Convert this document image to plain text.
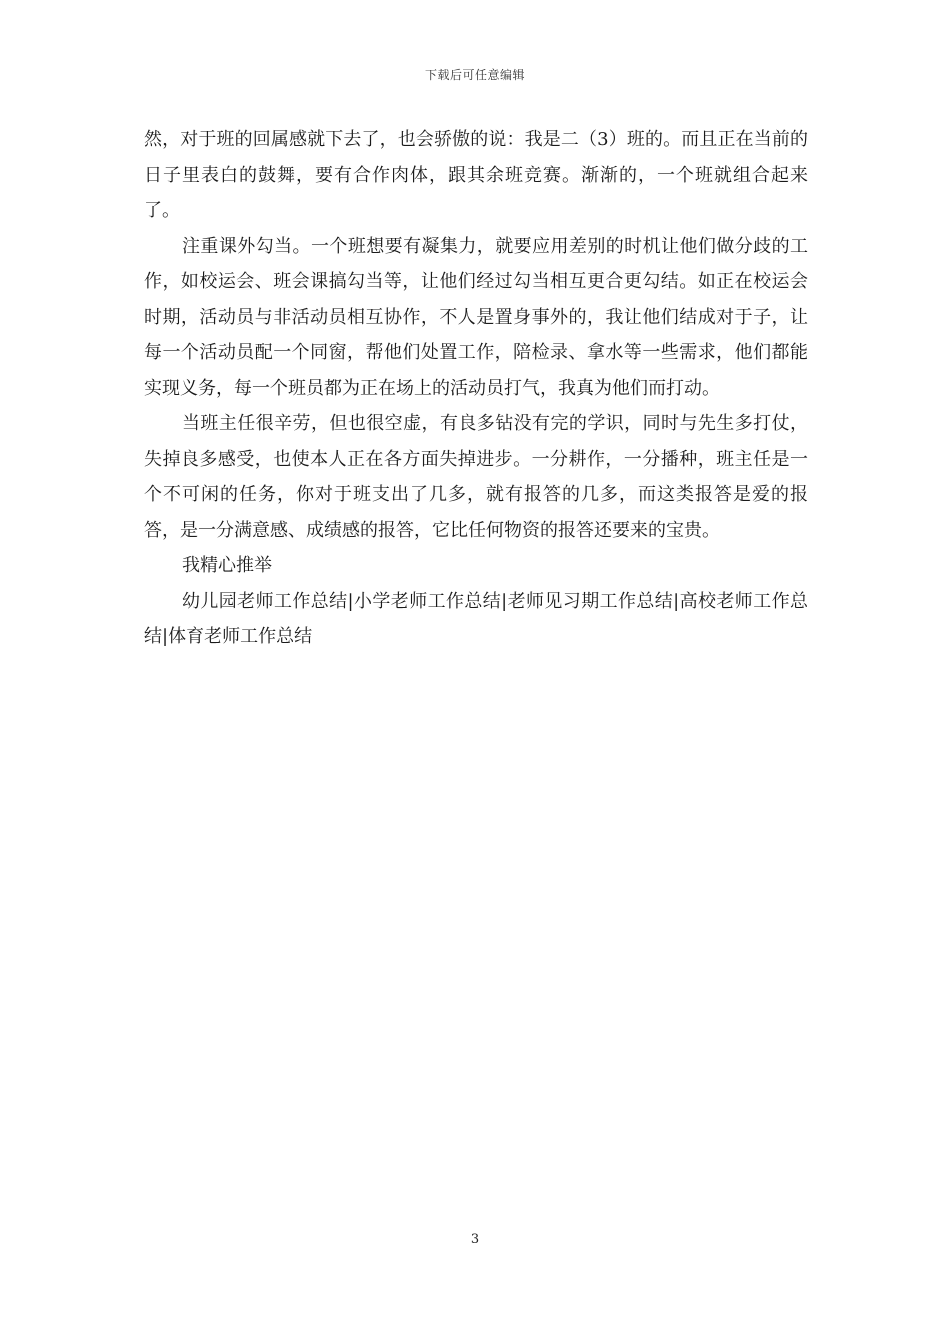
下载后可任意编辑

然，对于班的回属感就下去了，也会骄傲的说：我是二（3）班的。而且正在当前的日子里表白的鼓舞，要有合作肉体，跟其余班竞赛。渐渐的，一个班就组合起来了。

注重课外勾当。一个班想要有凝集力，就要应用差别的时机让他们做分歧的工作，如校运会、班会课搞勾当等，让他们经过勾当相互更合更勾结。如正在校运会时期，活动员与非活动员相互协作，不人是置身事外的，我让他们结成对于子，让每一个活动员配一个同窗，帮他们处置工作，陪检录、拿水等一些需求，他们都能实现义务，每一个班员都为正在场上的活动员打气，我真为他们而打动。

当班主任很辛劳，但也很空虚，有良多钻没有完的学识，同时与先生多打仗，失掉良多感受，也使本人正在各方面失掉进步。一分耕作，一分播种，班主任是一个不可闲的任务，你对于班支出了几多，就有报答的几多，而这类报答是爱的报答，是一分满意感、成绩感的报答，它比任何物资的报答还要来的宝贵。

我精心推举

幼儿园老师工作总结|小学老师工作总结|老师见习期工作总结|高校老师工作总结|体育老师工作总结

3
